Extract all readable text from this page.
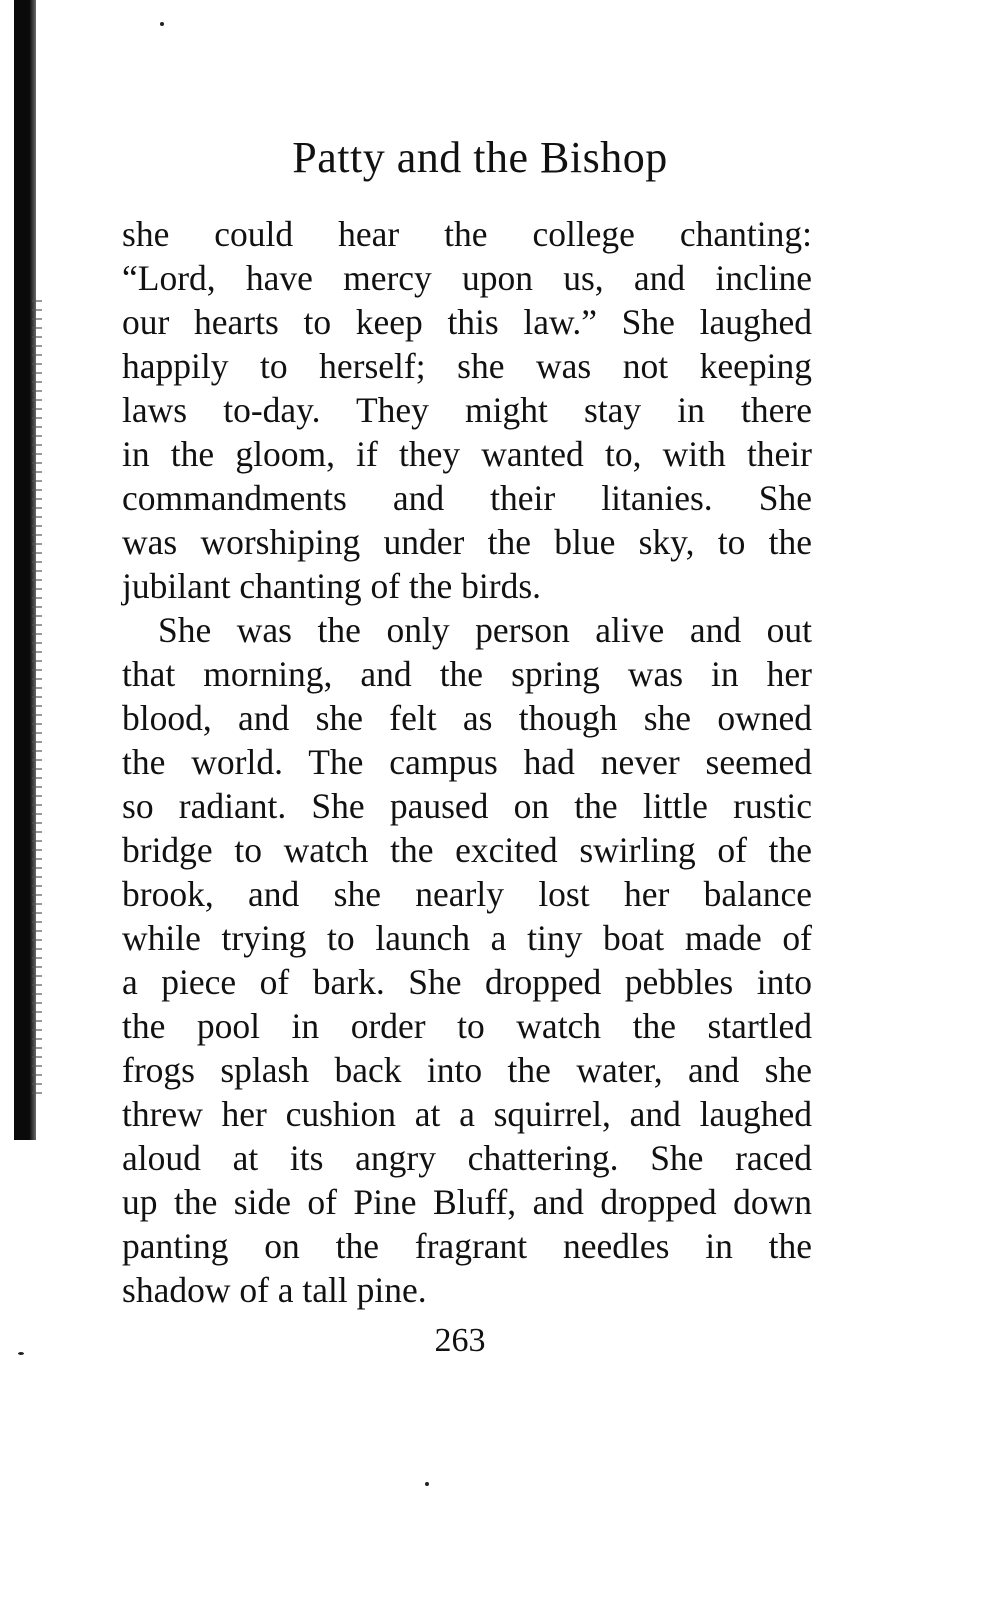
Patty and the Bishop
she could hear the college chanting:
“Lord, have mercy upon us, and incline
our hearts to keep this law.” She laughed
happily to herself; she was not keeping
laws to-day. They might stay in there
in the gloom, if they wanted to, with their
commandments and their litanies. She
was worshiping under the blue sky, to the
jubilant chanting of the birds.
She was the only person alive and out
that morning, and the spring was in her
blood, and she felt as though she owned
the world. The campus had never seemed
so radiant. She paused on the little rustic
bridge to watch the excited swirling of the
brook, and she nearly lost her balance
while trying to launch a tiny boat made of
a piece of bark. She dropped pebbles into
the pool in order to watch the startled
frogs splash back into the water, and she
threw her cushion at a squirrel, and laughed
aloud at its angry chattering. She raced
up the side of Pine Bluff, and dropped down
panting on the fragrant needles in the
shadow of a tall pine.
263
